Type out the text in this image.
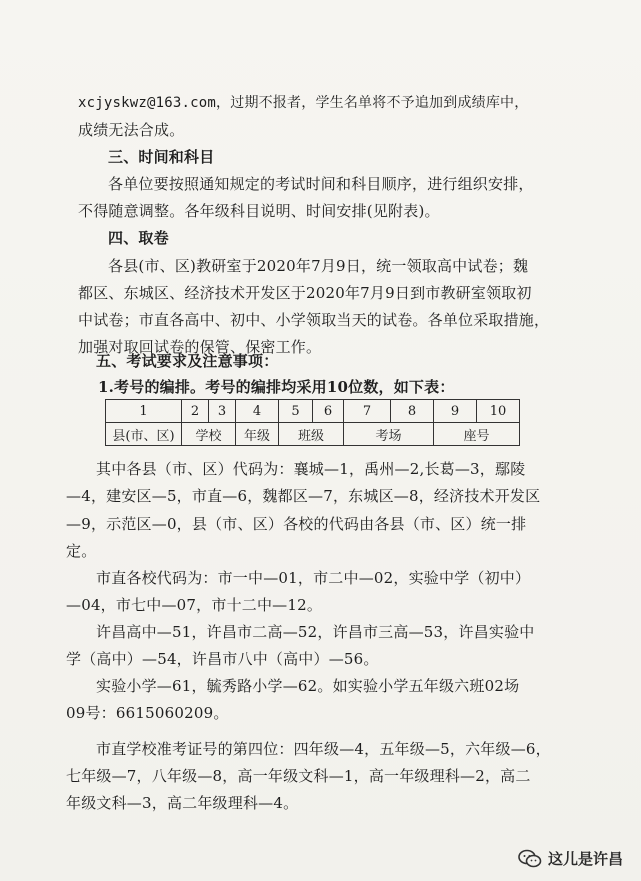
xcjyskwz@163.com，过期不报者，学生名单将不予追加到成绩库中，
成绩无法合成。
三、时间和科目
各单位要按照通知规定的考试时间和科目顺序，进行组织安排，
不得随意调整。各年级科目说明、时间安排(见附表)。
四、取卷
各县(市、区)教研室于2020年7月9日，统一领取高中试卷；魏
都区、东城区、经济技术开发区于2020年7月9日到市教研室领取初
中试卷；市直各高中、初中、小学领取当天的试卷。各单位采取措施，
加强对取回试卷的保管、保密工作。
五、考试要求及注意事项：
1.考号的编排。考号的编排均采用10位数，如下表：
1	2	3	4	5	6	7	8	9	10
县(市、区)	学校		年级	班级		考场		座号	
其中各县（市、区）代码为：襄城—1，禹州—2,长葛—3，鄢陵
—4，建安区—5，市直—6，魏都区—7，东城区—8，经济技术开发区
—9，示范区—0，县（市、区）各校的代码由各县（市、区）统一排
定。
市直各校代码为：市一中—01，市二中—02，实验中学（初中）
—04，市七中—07，市十二中—12。
许昌高中—51，许昌市二高—52，许昌市三高—53，许昌实验中
学（高中）—54，许昌市八中（高中）—56。
实验小学—61，毓秀路小学—62。如实验小学五年级六班02场
09号：6615060209。
市直学校准考证号的第四位：四年级—4，五年级—5，六年级—6，
七年级—7，八年级—8，高一年级文科—1，高一年级理科—2，高二
年级文科—3，高二年级理科—4。
这儿是许昌
